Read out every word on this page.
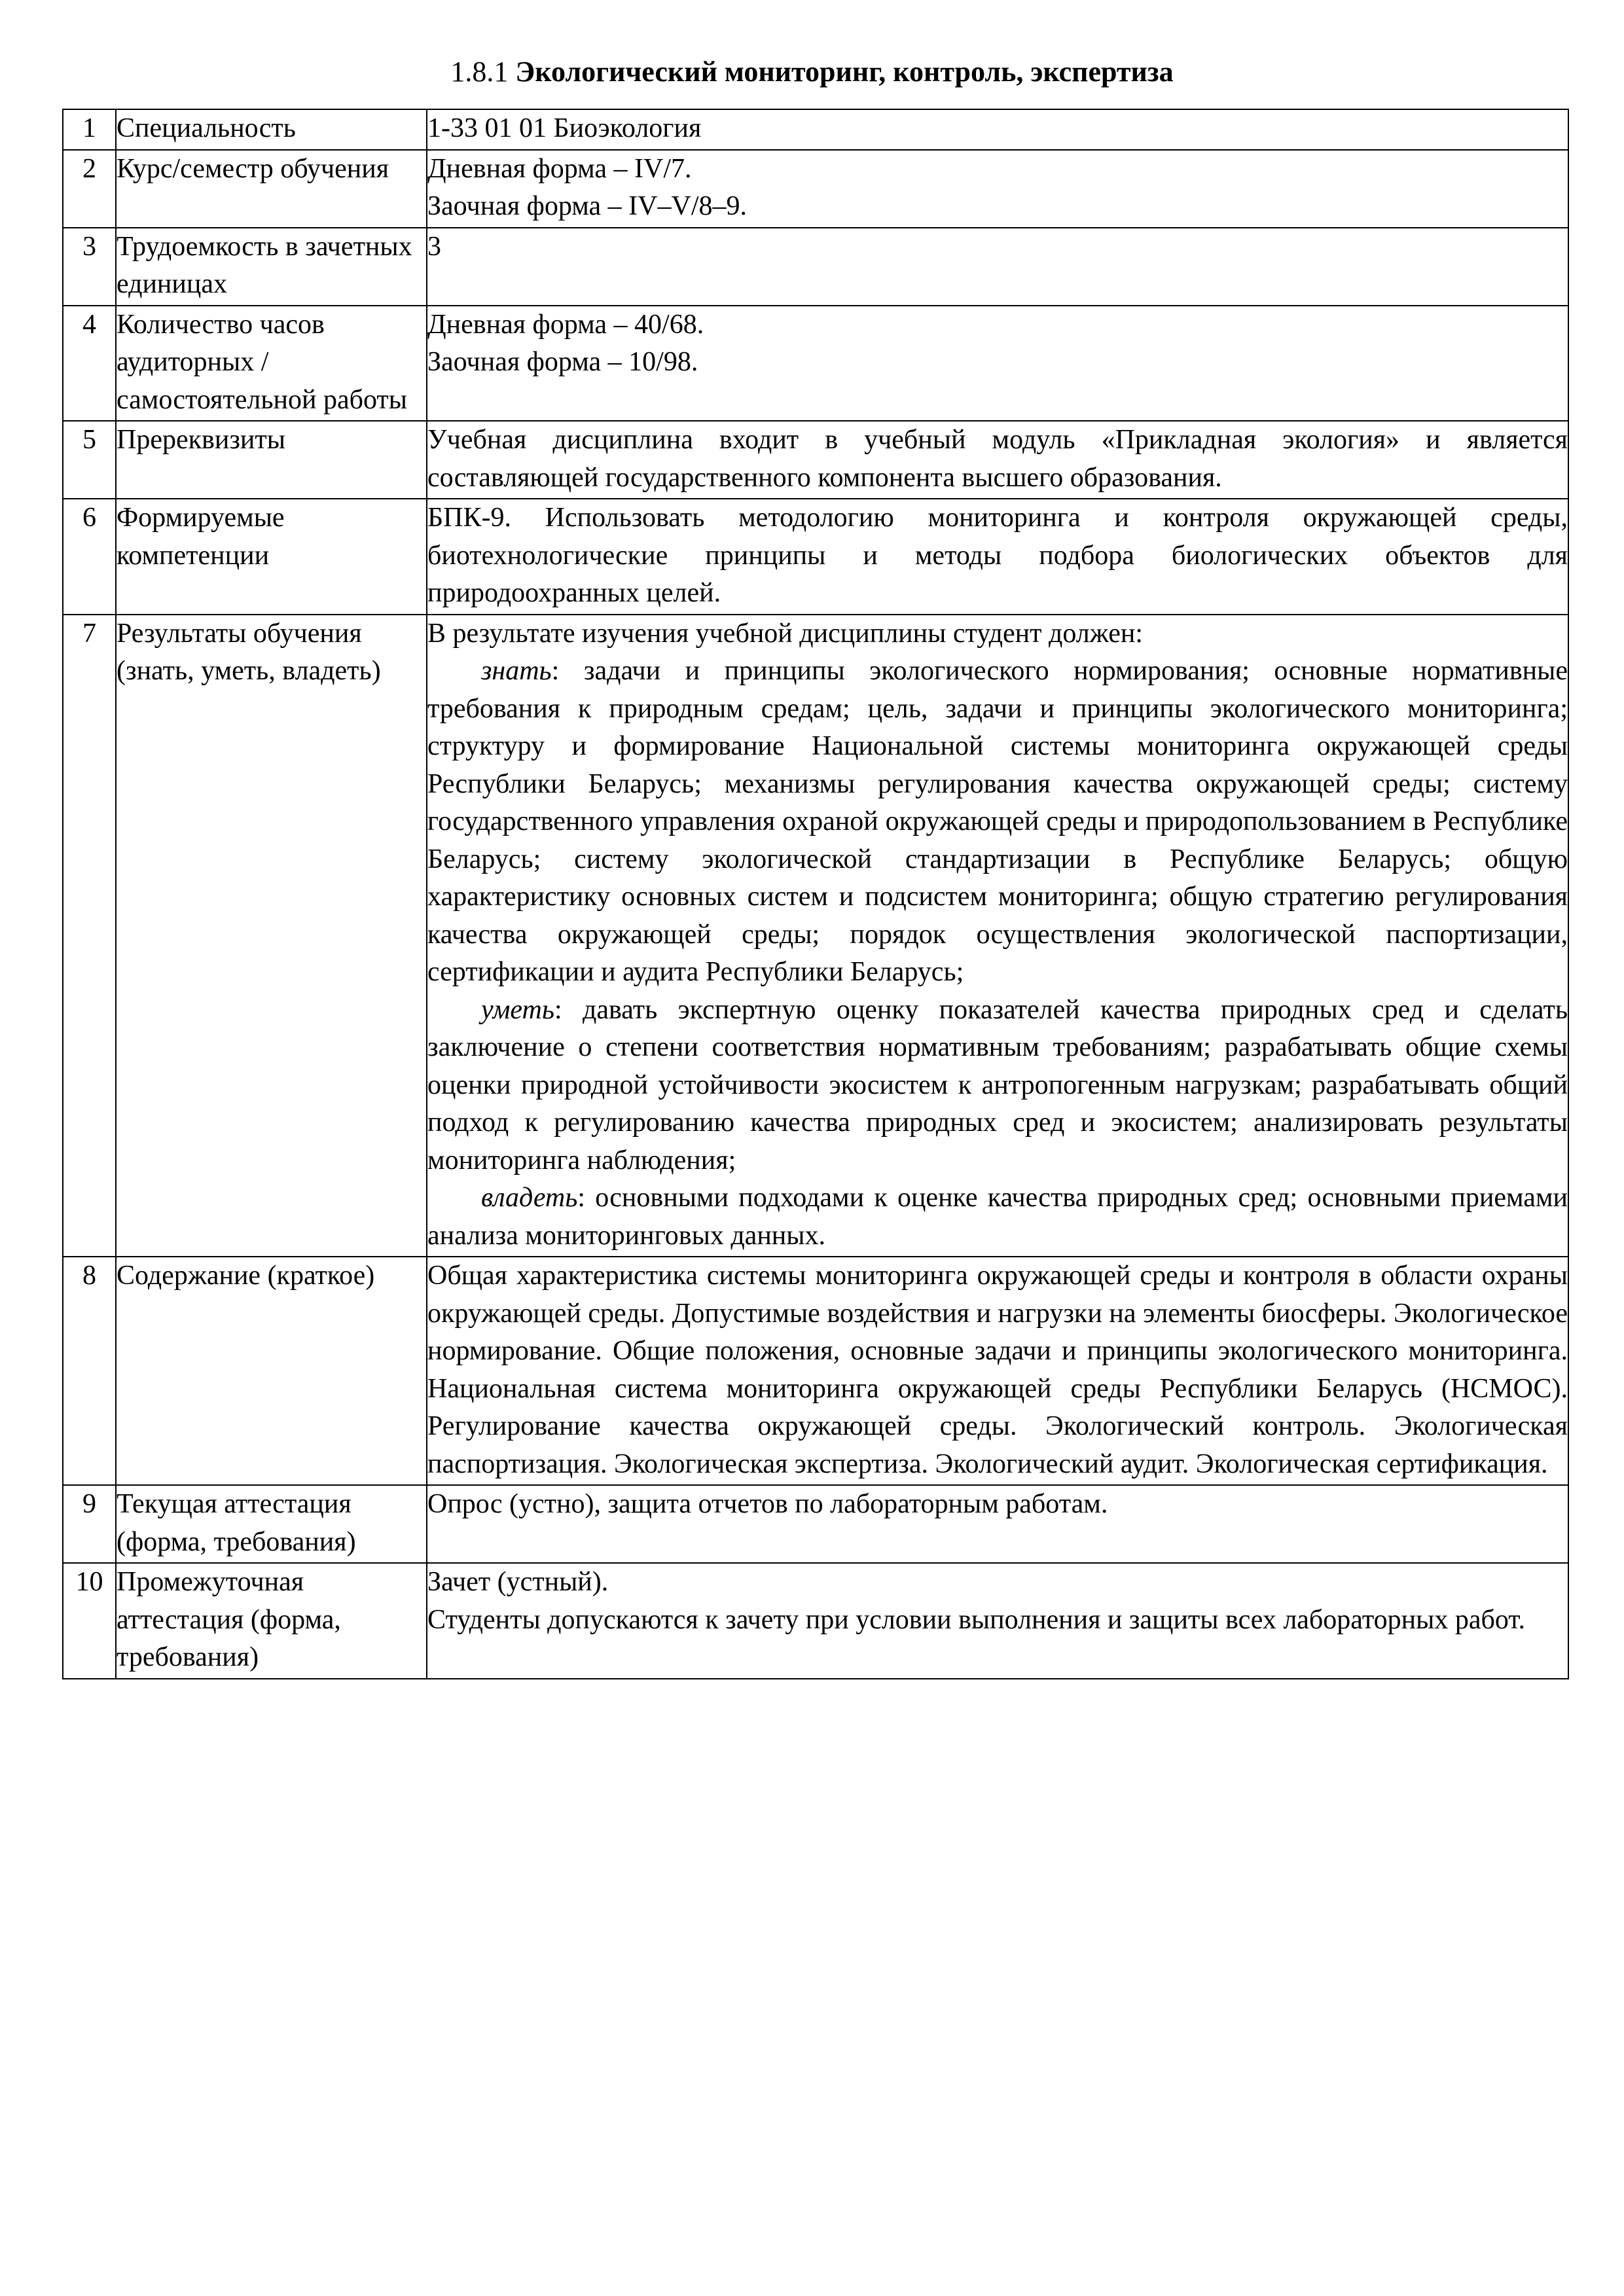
1.8.1 Экологический мониторинг, контроль, экспертиза
1	Специальность	1-33 01 01 Биоэкология
2	Курс/семестр обучения	Дневная форма – IV/7.
Заочная форма – IV–V/8–9.

3	Трудоемкость в зачетных единицах	3
4	Количество часов аудиторных / самостоятельной работы	Дневная форма – 40/68.
Заочная форма – 10/98.

5	Пререквизиты	Учебная дисциплина входит в учебный модуль «Прикладная экология» и является составляющей государственного компонента высшего образования.
6	Формируемые компетенции	БПК-9. Использовать методологию мониторинга и контроля окружающей среды, биотехнологические принципы и методы подбора биологических объектов для природоохранных целей.
7	Результаты обучения (знать, уметь, владеть)	В результате изучения учебной дисциплины студент должен:
знать: задачи и принципы экологического нормирования; основные нормативные требования к природным средам; цель, задачи и принципы экологического мониторинга; структуру и формирование Национальной системы мониторинга окружающей среды Республики Беларусь; механизмы регулирования качества окружающей среды; систему государственного управления охраной окружающей среды и природопользованием в Республике Беларусь; систему экологической стандартизации в Республике Беларусь; общую характеристику основных систем и подсистем мониторинга; общую стратегию регулирования качества окружающей среды; порядок осуществления экологической паспортизации, сертификации и аудита Республики Беларусь;
уметь: давать экспертную оценку показателей качества природных сред и сделать заключение о степени соответствия нормативным требованиям; разрабатывать общие схемы оценки природной устойчивости экосистем к антропогенным нагрузкам; разрабатывать общий подход к регулированию качества природных сред и экосистем; анализировать результаты мониторинга наблюдения;
владеть: основными подходами к оценке качества природных сред; основными приемами анализа мониторинговых данных.

8	Содержание (краткое)	Общая характеристика системы мониторинга окружающей среды и контроля в области охраны окружающей среды. Допустимые воздействия и нагрузки на элементы биосферы. Экологическое нормирование. Общие положения, основные задачи и принципы экологического мониторинга. Национальная система мониторинга окружающей среды Республики Беларусь (НСМОС). Регулирование качества окружающей среды. Экологический контроль. Экологическая паспортизация. Экологическая экспертиза. Экологический аудит. Экологическая сертификация.
9	Текущая аттестация (форма, требования)	Опрос (устно), защита отчетов по лабораторным работам.
10	Промежуточная аттестация (форма, требования)	Зачет (устный).
Студенты допускаются к зачету при условии выполнения и защиты всех лабораторных работ.
